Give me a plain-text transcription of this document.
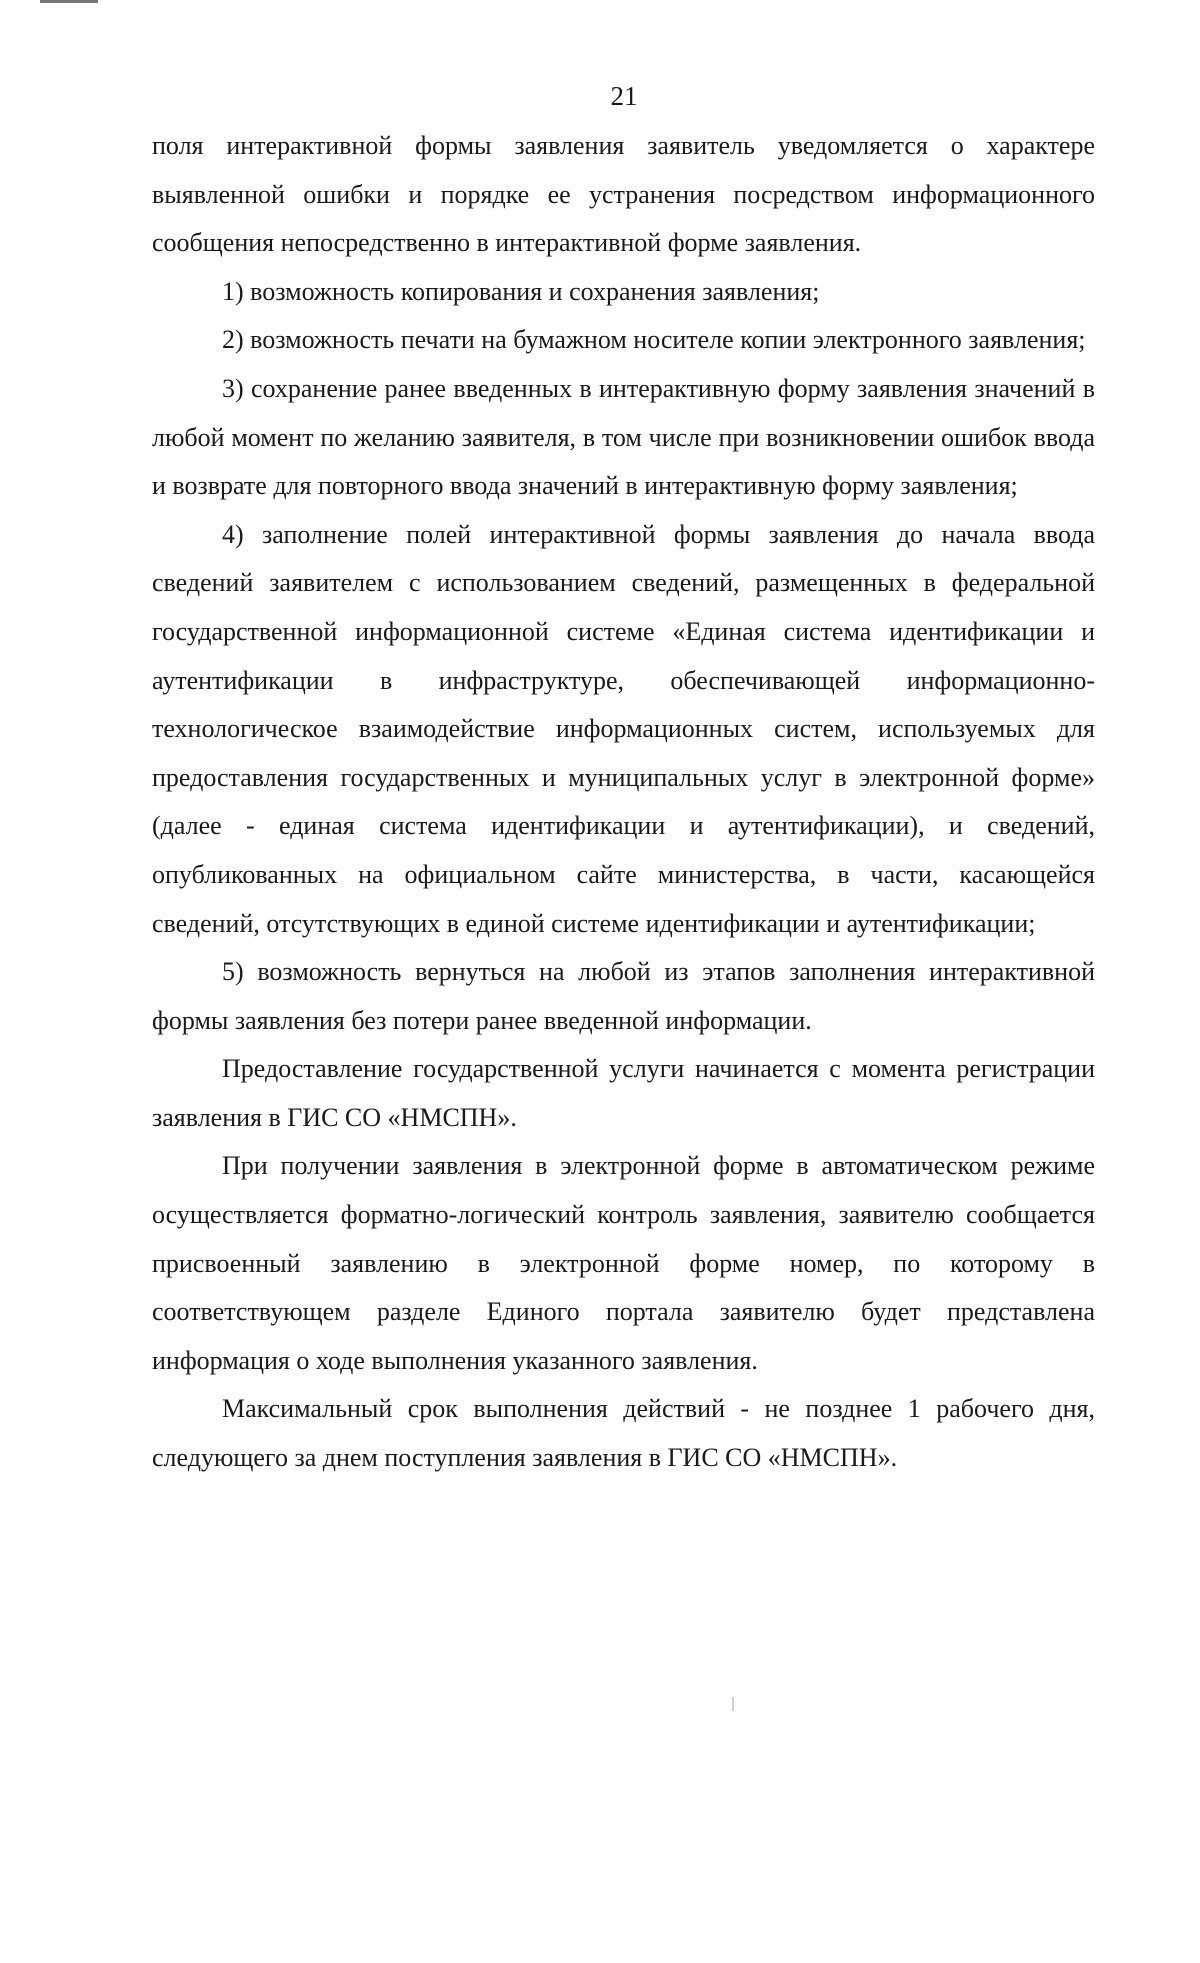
21

поля интерактивной формы заявления заявитель уведомляется о характере выявленной ошибки и порядке ее устранения посредством информационного сообщения непосредственно в интерактивной форме заявления.

1) возможность копирования и сохранения заявления;

2) возможность печати на бумажном носителе копии электронного заявления;

3) сохранение ранее введенных в интерактивную форму заявления значений в любой момент по желанию заявителя, в том числе при возникновении ошибок ввода и возврате для повторного ввода значений в интерактивную форму заявления;

4) заполнение полей интерактивной формы заявления до начала ввода сведений заявителем с использованием сведений, размещенных в федеральной государственной информационной системе «Единая система идентификации и аутентификации в инфраструктуре, обеспечивающей информационно-технологическое взаимодействие информационных систем, используемых для предоставления государственных и муниципальных услуг в электронной форме» (далее - единая система идентификации и аутентификации), и сведений, опубликованных на официальном сайте министерства, в части, касающейся сведений, отсутствующих в единой системе идентификации и аутентификации;

5) возможность вернуться на любой из этапов заполнения интерактивной формы заявления без потери ранее введенной информации.

Предоставление государственной услуги начинается с момента регистрации заявления в ГИС СО «НМСПН».

При получении заявления в электронной форме в автоматическом режиме осуществляется форматно-логический контроль заявления, заявителю сообщается присвоенный заявлению в электронной форме номер, по которому в соответствующем разделе Единого портала заявителю будет представлена информация о ходе выполнения указанного заявления.

Максимальный срок выполнения действий - не позднее 1 рабочего дня, следующего за днем поступления заявления в ГИС СО «НМСПН».
